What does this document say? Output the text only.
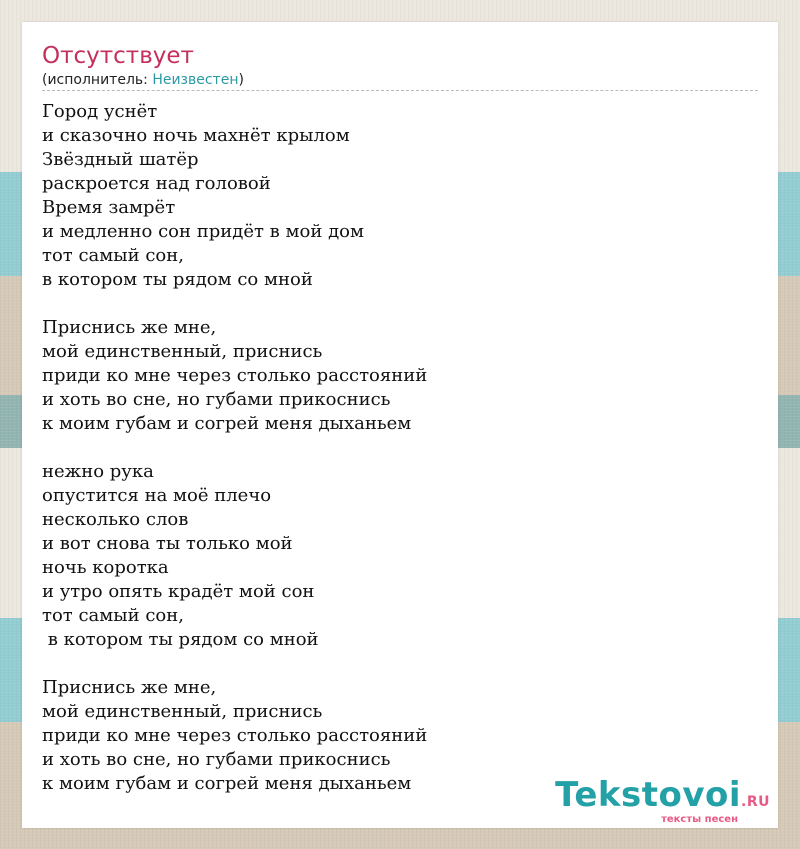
Отсутствует
(исполнитель: Неизвестен)
Город уснёт
и сказочно ночь махнёт крылом
Звёздный шатёр
раскроется над головой
Время замрёт
и медленно сон придёт в мой дом
тот самый сон,
в котором ты рядом со мной
Приснись же мне,
мой единственный, приснись
приди ко мне через столько расстояний
и хоть во сне, но губами прикоснись
к моим губам и согрей меня дыханьем
нежно рука
опустится на моё плечо
несколько слов
и вот снова ты только мой
ночь коротка
и утро опять крадёт мой сон
тот самый сон,
в котором ты рядом со мной
Приснись же мне,
мой единственный, приснись
приди ко мне через столько расстояний
и хоть во сне, но губами прикоснись
к моим губам и согрей меня дыханьем	Tekstovoi.RU
тексты песен
